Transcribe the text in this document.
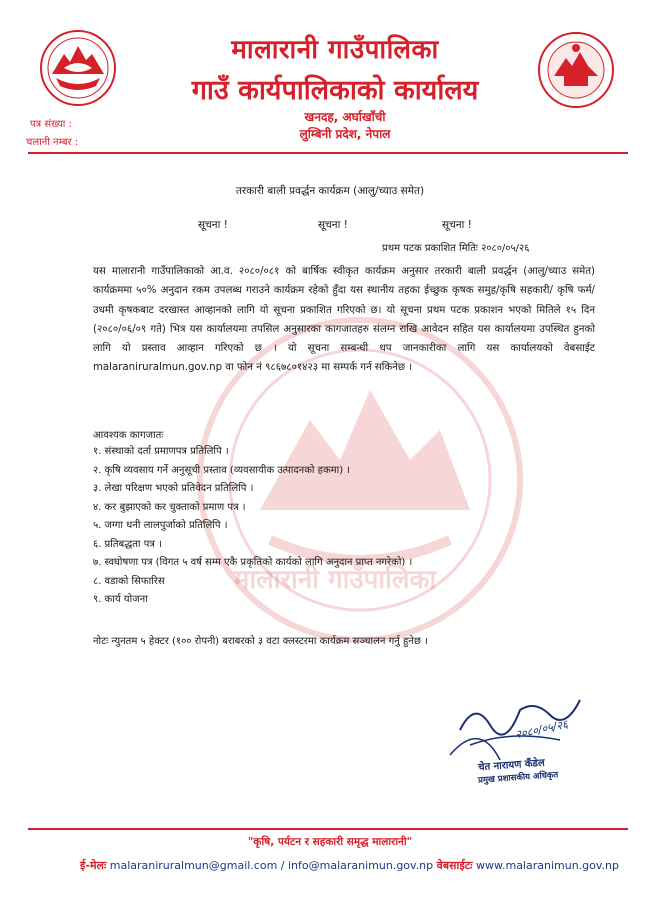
मालारानी गाउँपालिका
मालारानी गाउँपालिका
गाउँ कार्यपालिकाको कार्यालय
खनदह, अर्घाखाँची
लुम्बिनी प्रदेश, नेपाल
पत्र संख्या :
चलानी नम्बर :
तरकारी बाली प्रवर्द्धन कार्यक्रम (आलु/च्याउ समेत)
सूचना !	सूचना !	सूचना !
प्रथम पटक प्रकाशित मितिः २०८०/०५/२६
यस मालारानी गाउँपालिकाको आ.व. २०८०/०८१ को बार्षिक स्वीकृत कार्यक्रम अनुसार तरकारी बाली प्रवर्द्धन (आलु/च्याउ समेत) कार्यक्रममा ५०% अनुदान रकम उपलब्ध गराउने कार्यक्रम रहेको हुँदा यस स्थानीय तहका ईच्छुक कृषक समुह/कृषि सहकारी/ कृषि फर्म/ उधमी कृषकबाट दरखास्त आव्हानको लागि यो सूचना प्रकाशित गरिएको छ। यो सूचना प्रथम पटक प्रकाशन भएको मितिले १५ दिन (२०८०/०६/०९ गते) भित्र यस कार्यालयमा तपसिल अनुसारका कागजातहरु संलग्न राखि आवेदन सहित यस कार्यालयमा उपस्थित हुनको लागि यो प्रस्ताव आव्हान गरिएको छ । यो सूचना सम्बन्धी थप जानकारीका लागि यस कार्यालयको वेबसाईट malaraniruralmun.gov.np वा फोन नं ९८६७८०१४२३ मा सम्पर्क गर्न सकिनेछ ।
आवश्यक कागजातः
१. संस्थाको दर्ता प्रमाणपत्र प्रतिलिपि ।
२. कृषि व्यवसाय गर्ने अनुसूची प्रस्ताव (व्यवसायीक उत्पादनको हकमा) ।
३. लेखा परिक्षण भएको प्रतिवेदन प्रतिलिपि ।
४. कर बुझाएको कर चुक्ताको प्रमाण पत्र ।
५. जग्गा धनी लालपुर्जाको प्रतिलिपि ।
६. प्रतिबद्धता पत्र ।
७. स्वघोषणा पत्र (विगत ५ वर्ष सम्म एकै प्रकृतिको कार्यको लागि अनुदान प्राप्त नगरेको) ।
८. वडाको सिफारिस
९. कार्य योजना
नोटः न्युनतम ५ हेक्टर (१०० रोपनी) बराबरको ३ वटा क्लस्टरमा कार्यक्रम सञ्चालन गर्नु हुनेछ ।
२०८०/०५/२६
चेत नारायण कँडेल
प्रमुख प्रशासकीय अधिकृत
"कृषि, पर्यटन र सहकारी समृद्ध मालारानी"
ई-मेलः malaraniruralmun@gmail.com / info@malaranimun.gov.np वेबसाईटः www.malaranimun.gov.np
